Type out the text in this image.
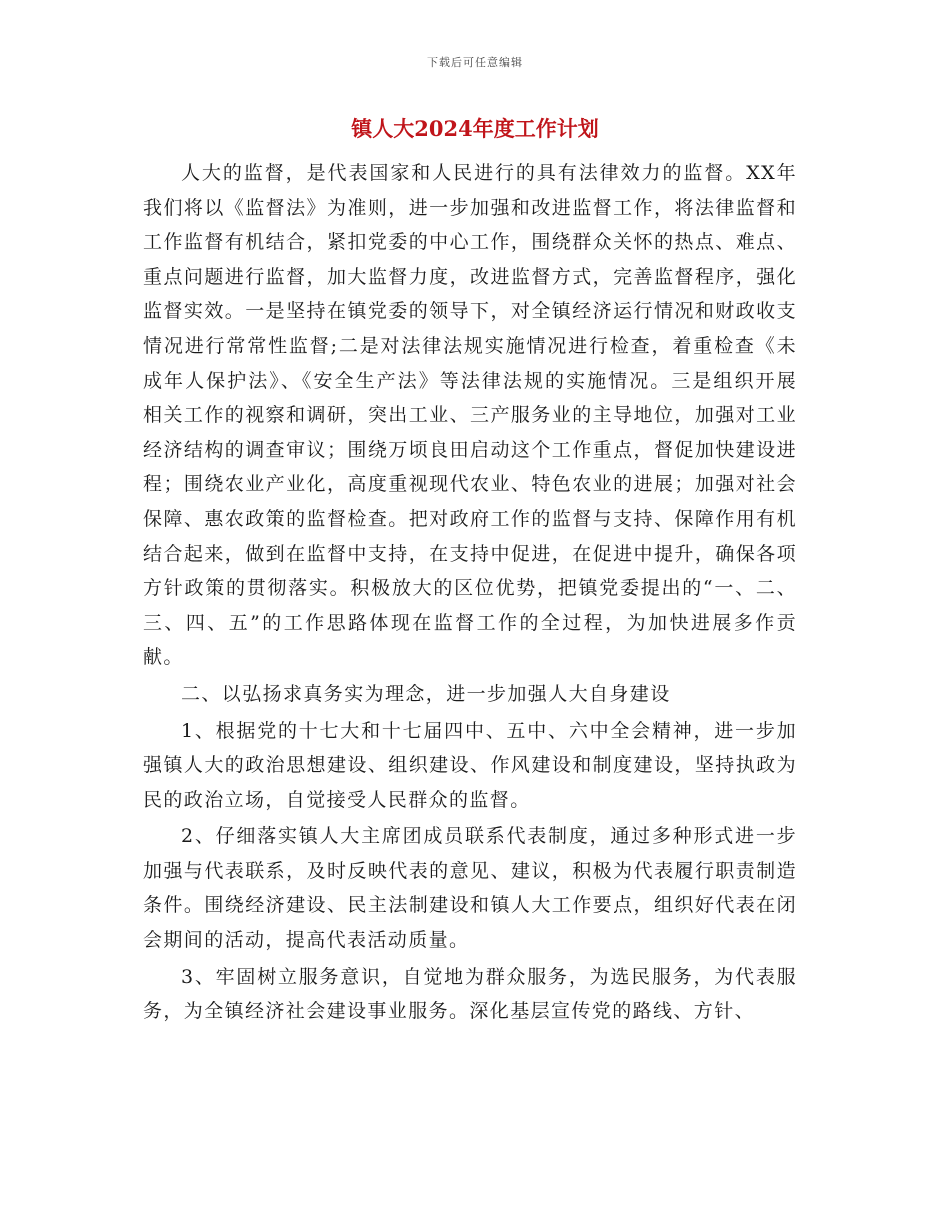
下载后可任意编辑
镇人大2024年度工作计划

人大的监督，是代表国家和人民进行的具有法律效力的监督。XX年我们将以《监督法》为准则，进一步加强和改进监督工作，将法律监督和工作监督有机结合，紧扣党委的中心工作，围绕群众关怀的热点、难点、重点问题进行监督，加大监督力度，改进监督方式，完善监督程序，强化监督实效。一是坚持在镇党委的领导下，对全镇经济运行情况和财政收支情况进行常常性监督;二是对法律法规实施情况进行检查，着重检查《未成年人保护法》、《安全生产法》等法律法规的实施情况。三是组织开展相关工作的视察和调研，突出工业、三产服务业的主导地位，加强对工业经济结构的调查审议；围绕万顷良田启动这个工作重点，督促加快建设进程；围绕农业产业化，高度重视现代农业、特色农业的进展；加强对社会保障、惠农政策的监督检查。把对政府工作的监督与支持、保障作用有机结合起来，做到在监督中支持，在支持中促进，在促进中提升，确保各项方针政策的贯彻落实。积极放大的区位优势，把镇党委提出的“一、二、三、四、五”的工作思路体现在监督工作的全过程，为加快进展多作贡献。

二、以弘扬求真务实为理念，进一步加强人大自身建设

1、根据党的十七大和十七届四中、五中、六中全会精神，进一步加强镇人大的政治思想建设、组织建设、作风建设和制度建设，坚持执政为民的政治立场，自觉接受人民群众的监督。

2、仔细落实镇人大主席团成员联系代表制度，通过多种形式进一步加强与代表联系，及时反映代表的意见、建议，积极为代表履行职责制造条件。围绕经济建设、民主法制建设和镇人大工作要点，组织好代表在闭会期间的活动，提高代表活动质量。

3、牢固树立服务意识，自觉地为群众服务，为选民服务，为代表服务，为全镇经济社会建设事业服务。深化基层宣传党的路线、方针、
